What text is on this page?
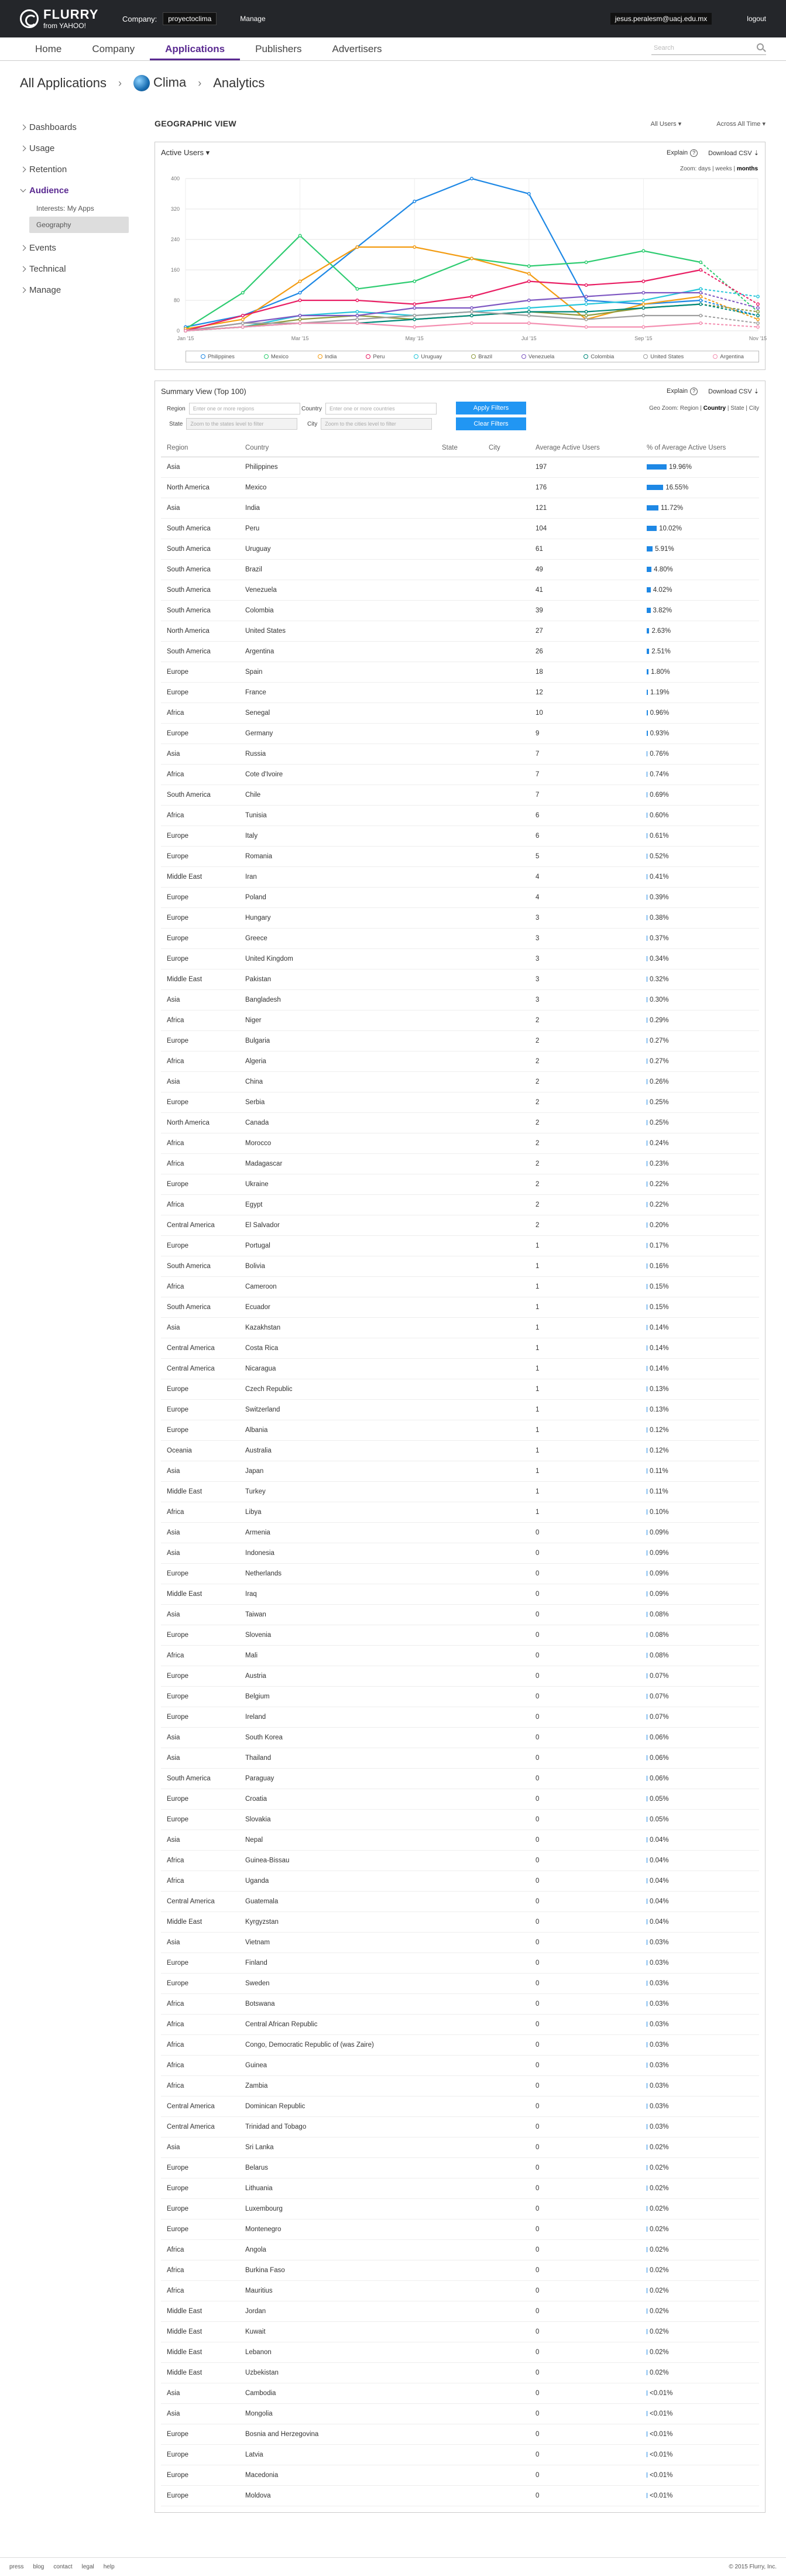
FLURRY
from YAHOO!
Company:	proyectoclima	Manage	jesus.peralesm@uacj.edu.mx	logout
Home	Company	Applications	Publishers	Advertisers	Search
All Applications ›	Clima › Analytics
Dashboards
Usage
Retention
Audience
Interests: My Apps
Geography
Events
Technical
Manage
GEOGRAPHIC VIEW	All Users ▾	Across All Time ▾
Active Users ▾	Explain ?	Download CSV ⇣
Zoom: days | weeks | months
0
80
160
240
320
400
Jan '15	Mar '15	May '15	Jul '15	Sep '15	Nov '15
Philippines	Mexico	India	Peru	Uruguay	Brazil	Venezuela	Colombia	United States	Argentina
Summary View (Top 100)	Explain ?	Download CSV ⇣
Region	Enter one or more regions	Country	Enter one or more countries
State	Zoom to the states level to filter	City	Zoom to the cities level to filter
Apply Filters
Clear Filters
Geo Zoom: Region | Country | State | City
Region	Country	State	City	Average Active Users	% of Average Active Users
Asia	Philippines			197	19.96%
North America	Mexico			176	16.55%
Asia	India			121	11.72%
South America	Peru			104	10.02%
South America	Uruguay			61	5.91%
South America	Brazil			49	4.80%
South America	Venezuela			41	4.02%
South America	Colombia			39	3.82%
North America	United States			27	2.63%
South America	Argentina			26	2.51%
Europe	Spain			18	1.80%
Europe	France			12	1.19%
Africa	Senegal			10	0.96%
Europe	Germany			9	0.93%
Asia	Russia			7	0.76%
Africa	Cote d'Ivoire			7	0.74%
South America	Chile			7	0.69%
Africa	Tunisia			6	0.60%
Europe	Italy			6	0.61%
Europe	Romania			5	0.52%
Middle East	Iran			4	0.41%
Europe	Poland			4	0.39%
Europe	Hungary			3	0.38%
Europe	Greece			3	0.37%
Europe	United Kingdom			3	0.34%
Middle East	Pakistan			3	0.32%
Asia	Bangladesh			3	0.30%
Africa	Niger			2	0.29%
Europe	Bulgaria			2	0.27%
Africa	Algeria			2	0.27%
Asia	China			2	0.26%
Europe	Serbia			2	0.25%
North America	Canada			2	0.25%
Africa	Morocco			2	0.24%
Africa	Madagascar			2	0.23%
Europe	Ukraine			2	0.22%
Africa	Egypt			2	0.22%
Central America	El Salvador			2	0.20%
Europe	Portugal			1	0.17%
South America	Bolivia			1	0.16%
Africa	Cameroon			1	0.15%
South America	Ecuador			1	0.15%
Asia	Kazakhstan			1	0.14%
Central America	Costa Rica			1	0.14%
Central America	Nicaragua			1	0.14%
Europe	Czech Republic			1	0.13%
Europe	Switzerland			1	0.13%
Europe	Albania			1	0.12%
Oceania	Australia			1	0.12%
Asia	Japan			1	0.11%
Middle East	Turkey			1	0.11%
Africa	Libya			1	0.10%
Asia	Armenia			0	0.09%
Asia	Indonesia			0	0.09%
Europe	Netherlands			0	0.09%
Middle East	Iraq			0	0.09%
Asia	Taiwan			0	0.08%
Europe	Slovenia			0	0.08%
Africa	Mali			0	0.08%
Europe	Austria			0	0.07%
Europe	Belgium			0	0.07%
Europe	Ireland			0	0.07%
Asia	South Korea			0	0.06%
Asia	Thailand			0	0.06%
South America	Paraguay			0	0.06%
Europe	Croatia			0	0.05%
Europe	Slovakia			0	0.05%
Asia	Nepal			0	0.04%
Africa	Guinea-Bissau			0	0.04%
Africa	Uganda			0	0.04%
Central America	Guatemala			0	0.04%
Middle East	Kyrgyzstan			0	0.04%
Asia	Vietnam			0	0.03%
Europe	Finland			0	0.03%
Europe	Sweden			0	0.03%
Africa	Botswana			0	0.03%
Africa	Central African Republic			0	0.03%
Africa	Congo, Democratic Republic of (was Zaire)			0	0.03%
Africa	Guinea			0	0.03%
Africa	Zambia			0	0.03%
Central America	Dominican Republic			0	0.03%
Central America	Trinidad and Tobago			0	0.03%
Asia	Sri Lanka			0	0.02%
Europe	Belarus			0	0.02%
Europe	Lithuania			0	0.02%
Europe	Luxembourg			0	0.02%
Europe	Montenegro			0	0.02%
Africa	Angola			0	0.02%
Africa	Burkina Faso			0	0.02%
Africa	Mauritius			0	0.02%
Middle East	Jordan			0	0.02%
Middle East	Kuwait			0	0.02%
Middle East	Lebanon			0	0.02%
Middle East	Uzbekistan			0	0.02%
Asia	Cambodia			0	<0.01%
Asia	Mongolia			0	<0.01%
Europe	Bosnia and Herzegovina			0	<0.01%
Europe	Latvia			0	<0.01%
Europe	Macedonia			0	<0.01%
Europe	Moldova			0	<0.01%
press blog contact legal help	© 2015 Flurry, Inc.
